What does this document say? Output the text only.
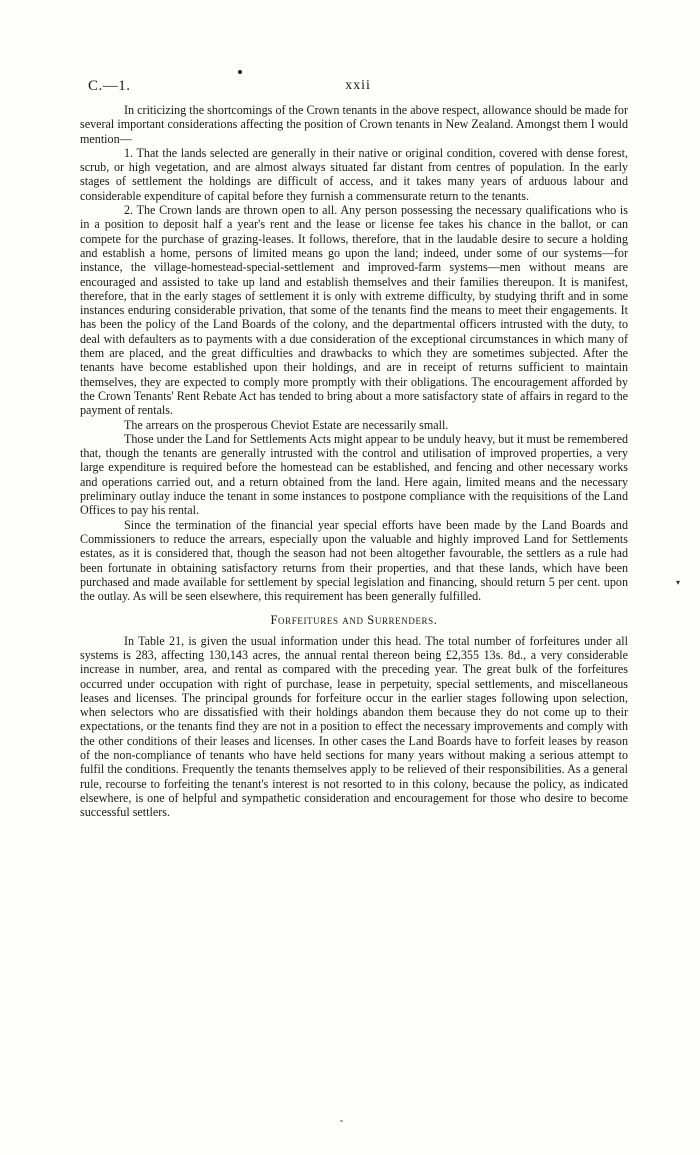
C.—1.	xxii

In criticizing the shortcomings of the Crown tenants in the above respect, allowance should be made for several important considerations affecting the position of Crown tenants in New Zealand. Amongst them I would mention—

1. That the lands selected are generally in their native or original condition, covered with dense forest, scrub, or high vegetation, and are almost always situated far distant from centres of population. In the early stages of settlement the holdings are difficult of access, and it takes many years of arduous labour and considerable expenditure of capital before they furnish a commensurate return to the tenants.

2. The Crown lands are thrown open to all. Any person possessing the necessary qualifications who is in a position to deposit half a year's rent and the lease or license fee takes his chance in the ballot, or can compete for the purchase of grazing-leases. It follows, therefore, that in the laudable desire to secure a holding and establish a home, persons of limited means go upon the land; indeed, under some of our systems—for instance, the village-homestead-special-settlement and improved-farm systems—men without means are encouraged and assisted to take up land and establish themselves and their families thereupon. It is manifest, therefore, that in the early stages of settlement it is only with extreme difficulty, by studying thrift and in some instances enduring considerable privation, that some of the tenants find the means to meet their engagements. It has been the policy of the Land Boards of the colony, and the departmental officers intrusted with the duty, to deal with defaulters as to payments with a due consideration of the exceptional circumstances in which many of them are placed, and the great difficulties and drawbacks to which they are sometimes subjected. After the tenants have become established upon their holdings, and are in receipt of returns sufficient to maintain themselves, they are expected to comply more promptly with their obligations. The encouragement afforded by the Crown Tenants' Rent Rebate Act has tended to bring about a more satisfactory state of affairs in regard to the payment of rentals.

The arrears on the prosperous Cheviot Estate are necessarily small.

Those under the Land for Settlements Acts might appear to be unduly heavy, but it must be remembered that, though the tenants are generally intrusted with the control and utilisation of improved properties, a very large expenditure is required before the homestead can be established, and fencing and other necessary works and operations carried out, and a return obtained from the land. Here again, limited means and the necessary preliminary outlay induce the tenant in some instances to postpone compliance with the requisitions of the Land Offices to pay his rental.

Since the termination of the financial year special efforts have been made by the Land Boards and Commissioners to reduce the arrears, especially upon the valuable and highly improved Land for Settlements estates, as it is considered that, though the season had not been altogether favourable, the settlers as a rule had been fortunate in obtaining satisfactory returns from their properties, and that these lands, which have been purchased and made available for settlement by special legislation and financing, should return 5 per cent. upon the outlay. As will be seen elsewhere, this requirement has been generally fulfilled.

Forfeitures and Surrenders.

In Table 21, is given the usual information under this head. The total number of forfeitures under all systems is 283, affecting 130,143 acres, the annual rental thereon being £2,355 13s. 8d., a very considerable increase in number, area, and rental as compared with the preceding year. The great bulk of the forfeitures occurred under occupation with right of purchase, lease in perpetuity, special settlements, and miscellaneous leases and licenses. The principal grounds for forfeiture occur in the earlier stages following upon selection, when selectors who are dissatisfied with their holdings abandon them because they do not come up to their expectations, or the tenants find they are not in a position to effect the necessary improvements and comply with the other conditions of their leases and licenses. In other cases the Land Boards have to forfeit leases by reason of the non-compliance of tenants who have held sections for many years without making a serious attempt to fulfil the conditions. Frequently the tenants themselves apply to be relieved of their responsibilities. As a general rule, recourse to forfeiting the tenant's interest is not resorted to in this colony, because the policy, as indicated elsewhere, is one of helpful and sympathetic consideration and encouragement for those who desire to become successful settlers.

▾
